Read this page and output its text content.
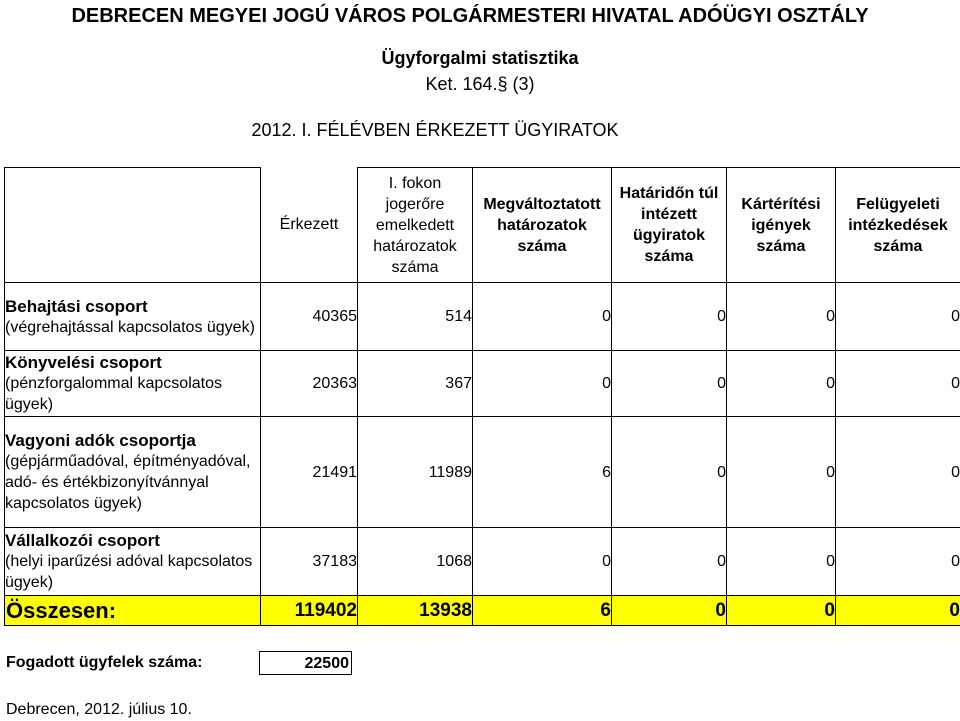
DEBRECEN MEGYEI JOGÚ VÁROS POLGÁRMESTERI HIVATAL ADÓÜGYI OSZTÁLY
Ügyforgalmi statisztika
Ket. 164.§ (3)
2012. I. FÉLÉVBEN ÉRKEZETT ÜGYIRATOK
	Érkezett	I. fokon jogerőre emelkedett határozatok száma	Megváltoztatott határozatok száma	Határidőn túl intézett ügyiratok száma	Kártérítési igények száma	Felügyeleti intézkedések száma

Behajtási csoport
(végrehajtással kapcsolatos ügyek)	40365	514	0	0	0	0

Könyvelési csoport
(pénzforgalommal kapcsolatos ügyek)	20363	367	0	0	0	0

Vagyoni adók csoportja
(gépjárműadóval, építményadóval, adó- és értékbizonyítvánnyal kapcsolatos ügyek)	21491	11989	6	0	0	0

Vállalkozói csoport
(helyi iparűzési adóval kapcsolatos ügyek)	37183	1068	0	0	0	0
Összesen:	119402	13938	6	0	0	0
Fogadott ügyfelek száma:	22500
Debrecen, 2012. július 10.
